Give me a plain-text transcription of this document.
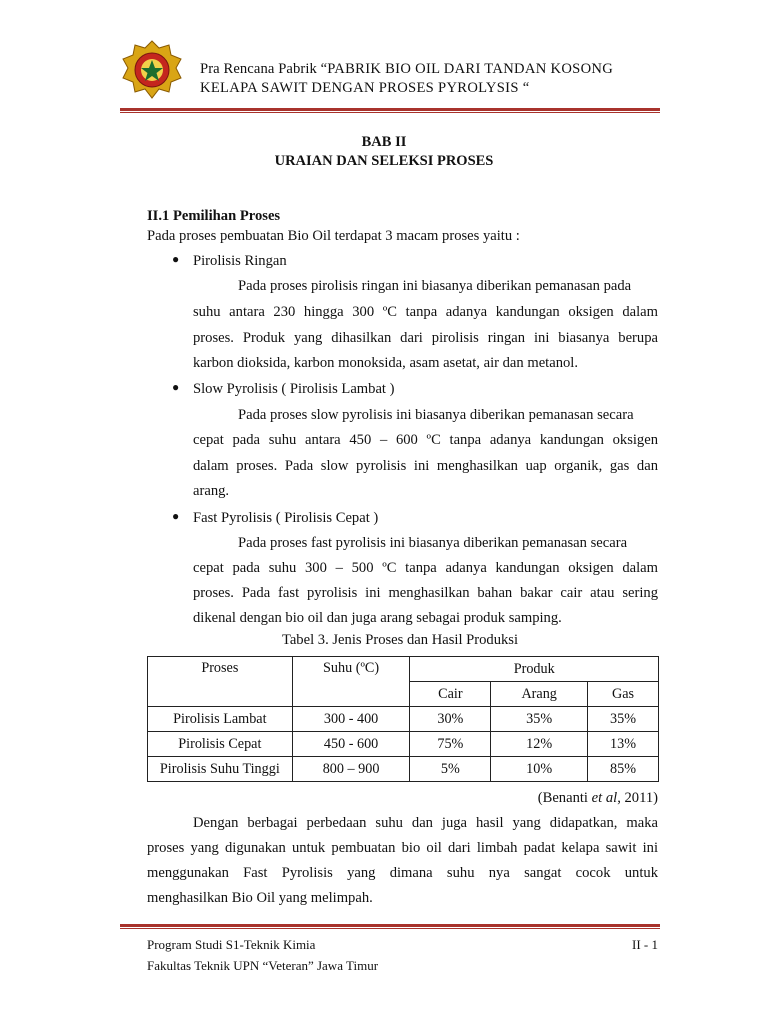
Pra Rencana Pabrik “PABRIK BIO OIL DARI TANDAN KOSONG
KELAPA SAWIT DENGAN PROSES PYROLYSIS “
BAB II
URAIAN DAN SELEKSI PROSES
II.1 Pemilihan Proses
Pada proses pembuatan Bio Oil terdapat 3 macam proses yaitu :
● Pirolisis Ringan
Pada proses pirolisis ringan ini biasanya diberikan pemanasan pada
suhu antara 230 hingga 300 ºC tanpa adanya kandungan oksigen dalam
proses. Produk yang dihasilkan dari pirolisis ringan ini biasanya berupa
karbon dioksida, karbon monoksida, asam asetat, air dan metanol.
● Slow Pyrolisis ( Pirolisis Lambat )
Pada proses slow pyrolisis ini biasanya diberikan pemanasan secara
cepat pada suhu antara 450 – 600 ºC tanpa adanya kandungan oksigen
dalam proses. Pada slow pyrolisis ini menghasilkan uap organik, gas dan
arang.
● Fast Pyrolisis ( Pirolisis Cepat )
Pada proses fast pyrolisis ini biasanya diberikan pemanasan secara
cepat pada suhu 300 – 500 ºC tanpa adanya kandungan oksigen dalam
proses. Pada fast pyrolisis ini menghasilkan bahan bakar cair atau sering
dikenal dengan bio oil dan juga arang sebagai produk samping.
Tabel 3. Jenis Proses dan Hasil Produksi
Proses	Suhu (ºC)	Produk		
		Cair	Arang	Gas
Pirolisis Lambat	300 - 400	30%	35%	35%
Pirolisis Cepat	450 - 600	75%	12%	13%
Pirolisis Suhu Tinggi	800 – 900	5%	10%	85%
(Benanti et al, 2011)
Dengan berbagai perbedaan suhu dan juga hasil yang didapatkan, maka
proses yang digunakan untuk pembuatan bio oil dari limbah padat kelapa sawit ini
menggunakan Fast Pyrolisis yang dimana suhu nya sangat cocok untuk
menghasilkan Bio Oil yang melimpah.
Program Studi S1-Teknik Kimia
Fakultas Teknik UPN “Veteran” Jawa Timur
II - 1
